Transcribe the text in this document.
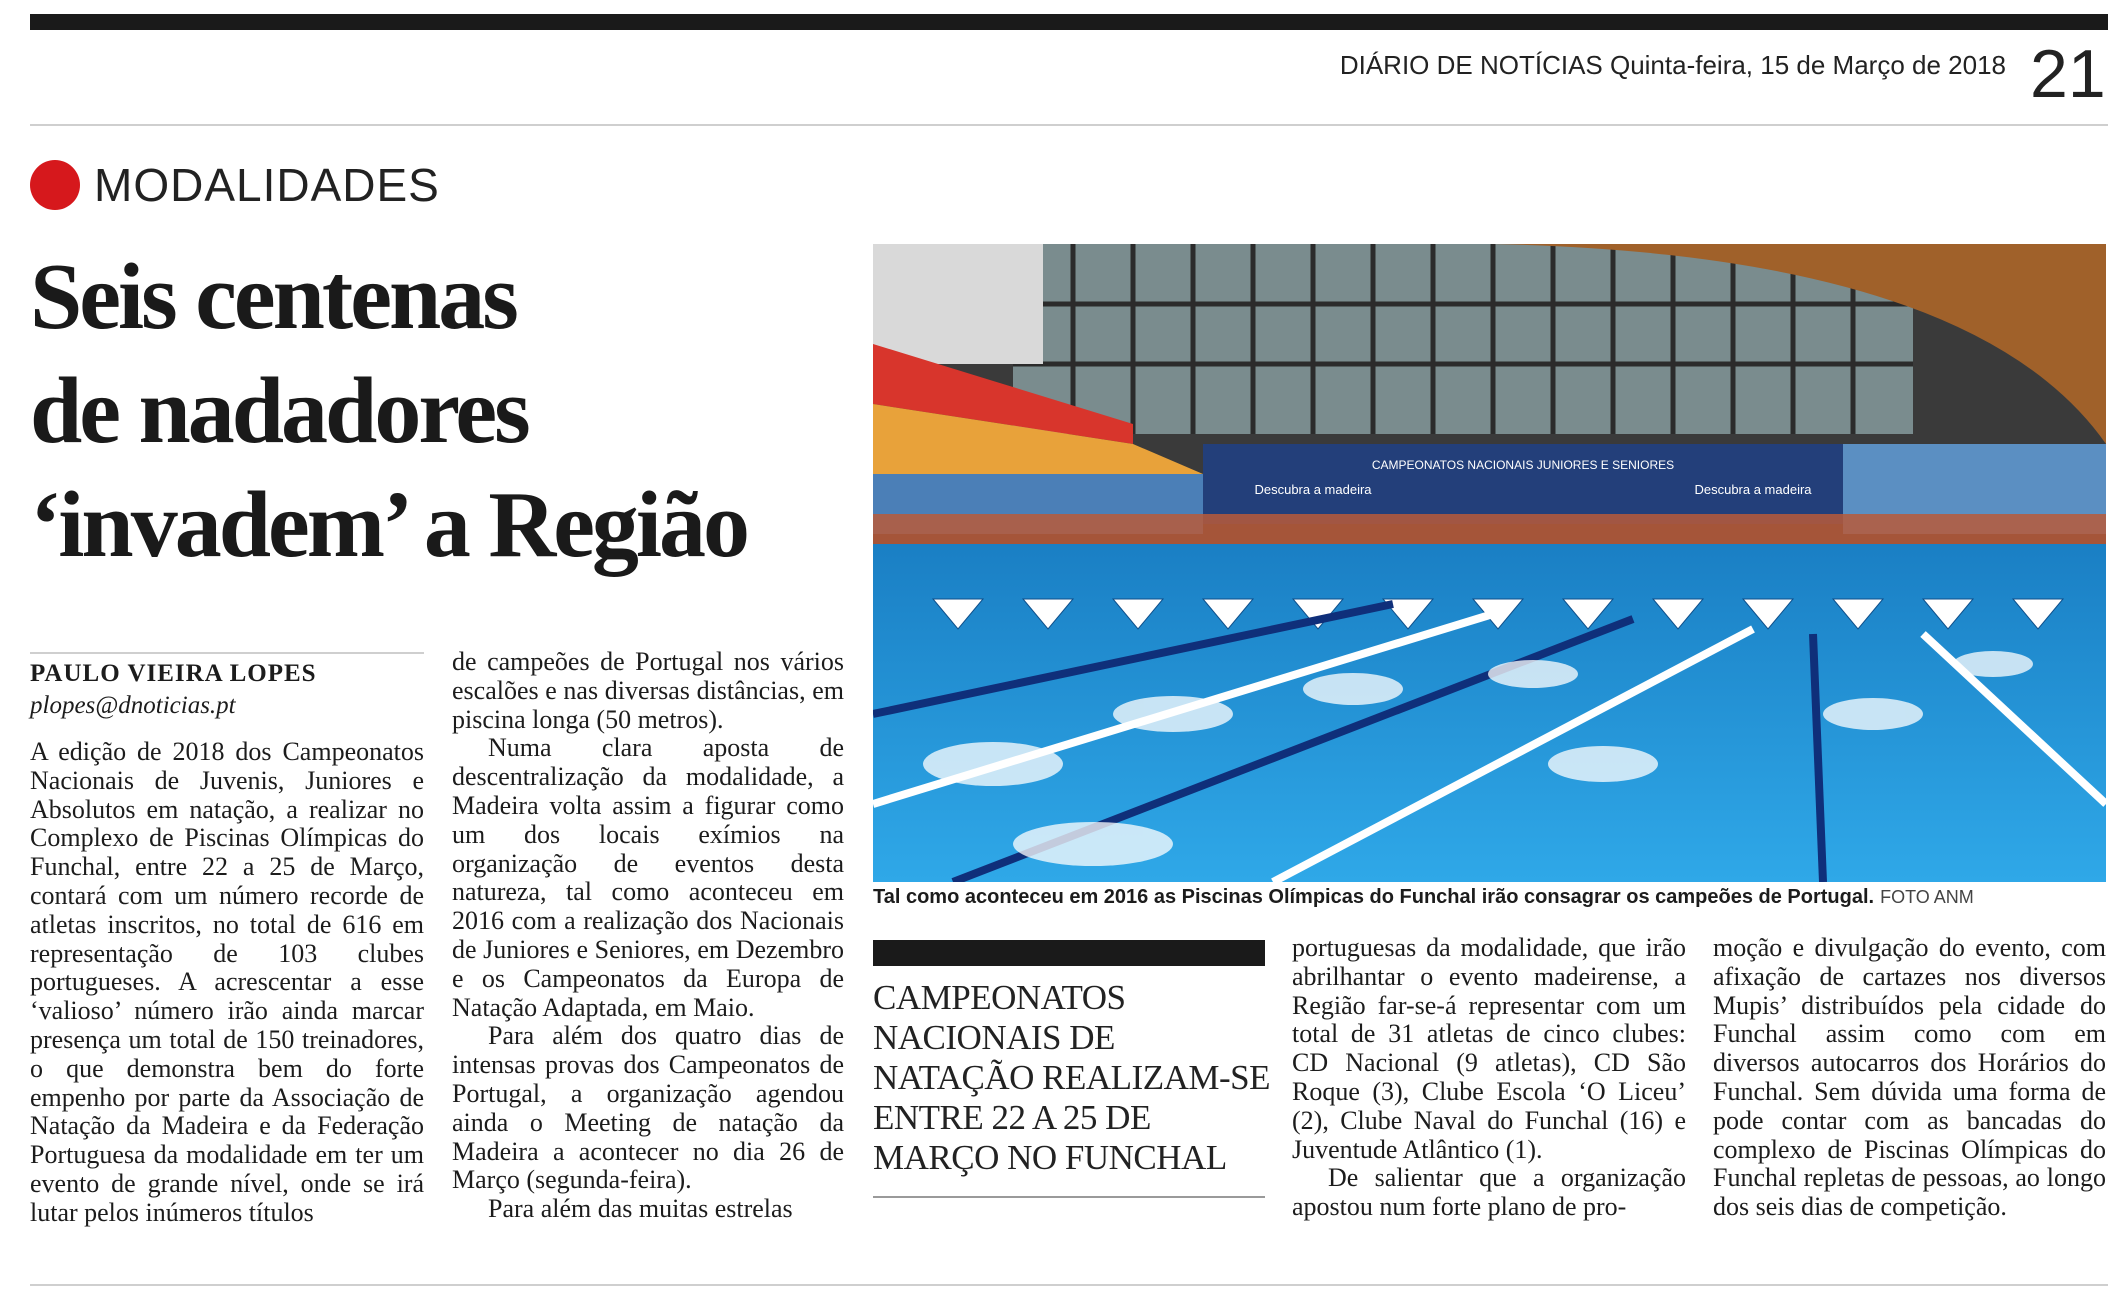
DIÁRIO DE NOTÍCIAS Quinta-feira, 15 de Março de 2018 21
MODALIDADES
Seis centenas
de nadadores
‘invadem’ a Região
PAULO VIEIRA LOPES
plopes@dnoticias.pt

A edição de 2018 dos Campeonatos Nacionais de Juvenis, Juniores e Absolutos em natação, a realizar no Complexo de Piscinas Olímpicas do Funchal, entre 22 a 25 de Março, contará com um número recorde de atletas inscritos, no total de 616 em representação de 103 clubes portugueses. A acrescentar a esse ‘valioso’ número irão ainda marcar presença um total de 150 treinadores, o que demonstra bem do forte empenho por parte da Associação de Natação da Madeira e da Federação Portuguesa da modalidade em ter um evento de grande nível, onde se irá lutar pelos inúmeros títulos

de campeões de Portugal nos vários escalões e nas diversas distâncias, em piscina longa (50 metros).

Numa clara aposta de descentralização da modalidade, a Madeira volta assim a figurar como um dos locais exímios na organização de eventos desta natureza, tal como aconteceu em 2016 com a realização dos Nacionais de Juniores e Seniores, em Dezembro e os Campeonatos da Europa de Natação Adaptada, em Maio.

Para além dos quatro dias de intensas provas dos Campeonatos de Portugal, a organização agendou ainda o Meeting de natação da Madeira a acontecer no dia 26 de Março (segunda-feira).

Para além das muitas estrelas

CAMPEONATOS NACIONAIS JUNIORES E SENIORES
Descubra a madeira	Descubra a madeira
Tal como aconteceu em 2016 as Piscinas Olímpicas do Funchal irão consagrar os campeões de Portugal. FOTO ANM
CAMPEONATOS NACIONAIS DE NATAÇÃO REALIZAM-SE ENTRE 22 A 25 DE MARÇO NO FUNCHAL

portuguesas da modalidade, que irão abrilhantar o evento madeirense, a Região far-se-á representar com um total de 31 atletas de cinco clubes: CD Nacional (9 atletas), CD São Roque (3), Clube Escola ‘O Liceu’ (2), Clube Naval do Funchal (16) e Juventude Atlântico (1).

De salientar que a organização apostou num forte plano de pro-

moção e divulgação do evento, com afixação de cartazes nos diversos Mupis’ distribuídos pela cidade do Funchal assim como com em diversos autocarros dos Horários do Funchal. Sem dúvida uma forma de pode contar com as bancadas do complexo de Piscinas Olímpicas do Funchal repletas de pessoas, ao longo dos seis dias de competição.
